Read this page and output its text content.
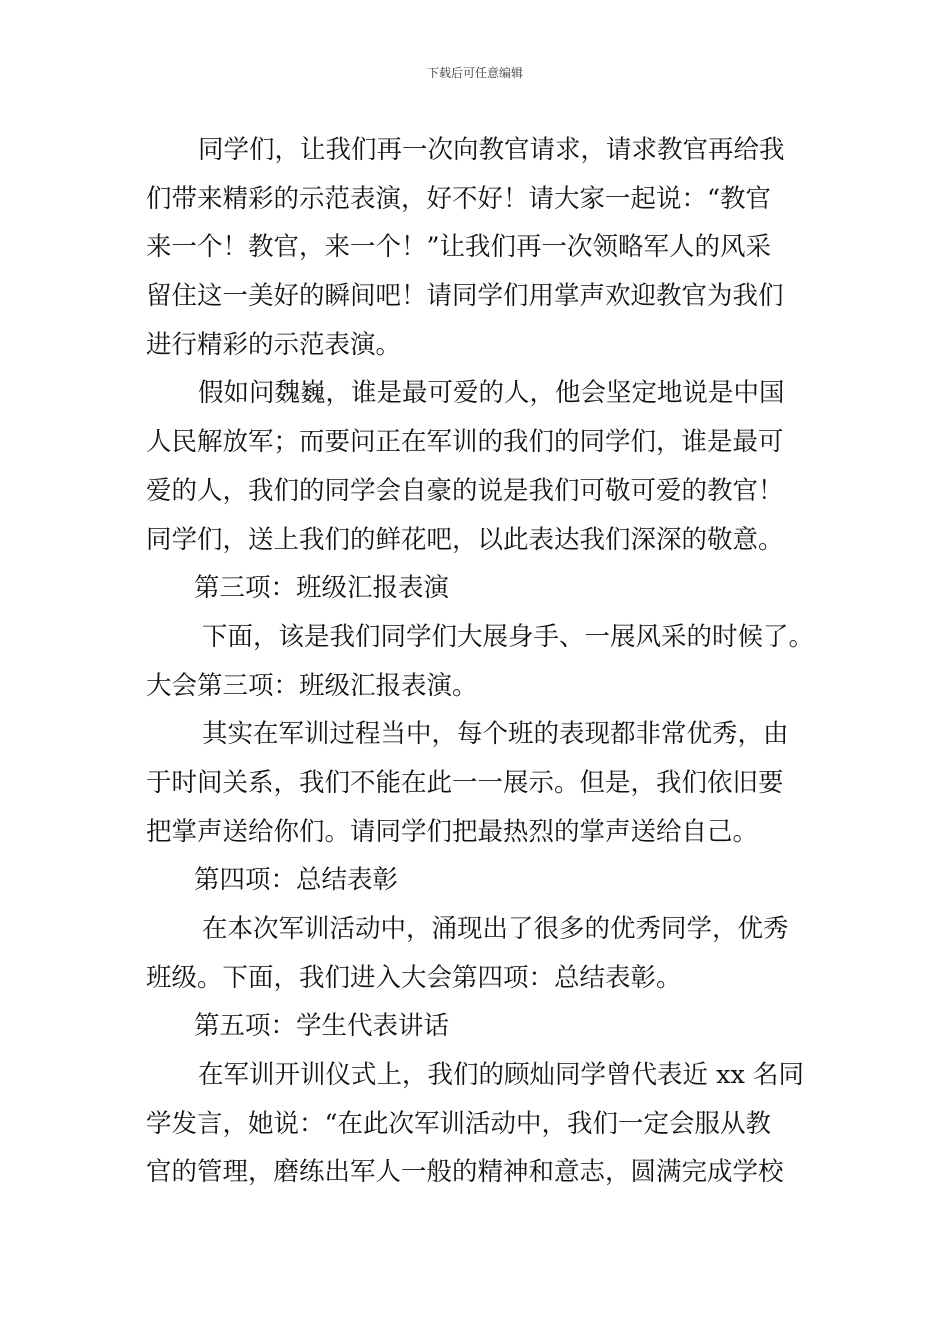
下载后可任意编辑
同学们，让我们再一次向教官请求，请求教官再给我
们带来精彩的示范表演，好不好！请大家一起说：“教官
来一个！教官，来一个！”让我们再一次领略军人的风采
留住这一美好的瞬间吧！请同学们用掌声欢迎教官为我们
进行精彩的示范表演。
假如问魏巍，谁是最可爱的人，他会坚定地说是中国
人民解放军；而要问正在军训的我们的同学们，谁是最可
爱的人，我们的同学会自豪的说是我们可敬可爱的教官！
同学们，送上我们的鲜花吧，以此表达我们深深的敬意。
第三项：班级汇报表演
下面，该是我们同学们大展身手、一展风采的时候了。
大会第三项：班级汇报表演。
其实在军训过程当中，每个班的表现都非常优秀，由
于时间关系，我们不能在此一一展示。但是，我们依旧要
把掌声送给你们。请同学们把最热烈的掌声送给自己。
第四项：总结表彰
在本次军训活动中，涌现出了很多的优秀同学，优秀
班级。下面，我们进入大会第四项：总结表彰。
第五项：学生代表讲话
在军训开训仪式上，我们的顾灿同学曾代表近 xx 名同
学发言，她说：“在此次军训活动中，我们一定会服从教
官的管理，磨练出军人一般的精神和意志，圆满完成学校
